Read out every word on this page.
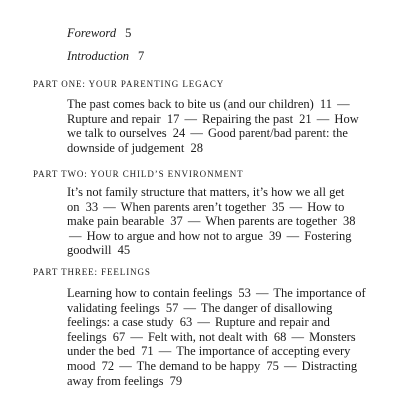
Foreword 5
Introduction 7
PART ONE: YOUR PARENTING LEGACY
The past comes back to bite us (and our children) 11 — Rupture and repair 17 — Repairing the past 21 — How we talk to ourselves 24 — Good parent/bad parent: the downside of judgement 28
PART TWO: YOUR CHILD’S ENVIRONMENT
It’s not family structure that matters, it’s how we all get on 33 — When parents aren’t together 35 — How to make pain bearable 37 — When parents are together 38 — How to argue and how not to argue 39 — Fostering goodwill 45
PART THREE: FEELINGS
Learning how to contain feelings 53 — The importance of validating feelings 57 — The danger of disallowing feelings: a case study 63 — Rupture and repair and feelings 67 — Felt with, not dealt with 68 — Monsters under the bed 71 — The importance of accepting every mood 72 — The demand to be happy 75 — Distracting away from feelings 79
